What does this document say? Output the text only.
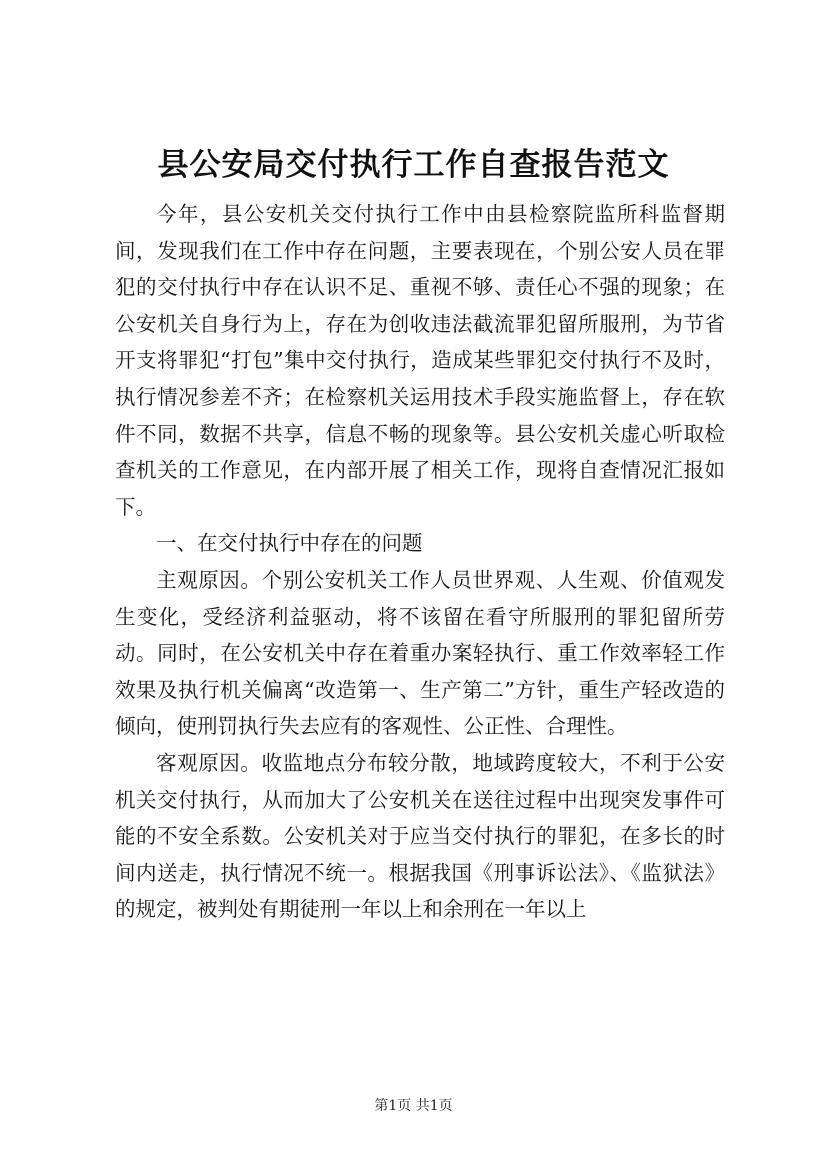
县公安局交付执行工作自查报告范文

今年，县公安机关交付执行工作中由县检察院监所科监督期间，发现我们在工作中存在问题，主要表现在，个别公安人员在罪犯的交付执行中存在认识不足、重视不够、责任心不强的现象；在公安机关自身行为上，存在为创收违法截流罪犯留所服刑，为节省开支将罪犯“打包”集中交付执行，造成某些罪犯交付执行不及时，执行情况参差不齐；在检察机关运用技术手段实施监督上，存在软件不同，数据不共享，信息不畅的现象等。县公安机关虚心听取检查机关的工作意见，在内部开展了相关工作，现将自查情况汇报如下。

一、在交付执行中存在的问题

主观原因。个别公安机关工作人员世界观、人生观、价值观发生变化，受经济利益驱动，将不该留在看守所服刑的罪犯留所劳动。同时，在公安机关中存在着重办案轻执行、重工作效率轻工作效果及执行机关偏离“改造第一、生产第二”方针，重生产轻改造的倾向，使刑罚执行失去应有的客观性、公正性、合理性。

客观原因。收监地点分布较分散，地域跨度较大，不利于公安机关交付执行，从而加大了公安机关在送往过程中出现突发事件可能的不安全系数。公安机关对于应当交付执行的罪犯，在多长的时间内送走，执行情况不统一。根据我国《刑事诉讼法》、《监狱法》的规定，被判处有期徒刑一年以上和余刑在一年以上

第1页 共1页
